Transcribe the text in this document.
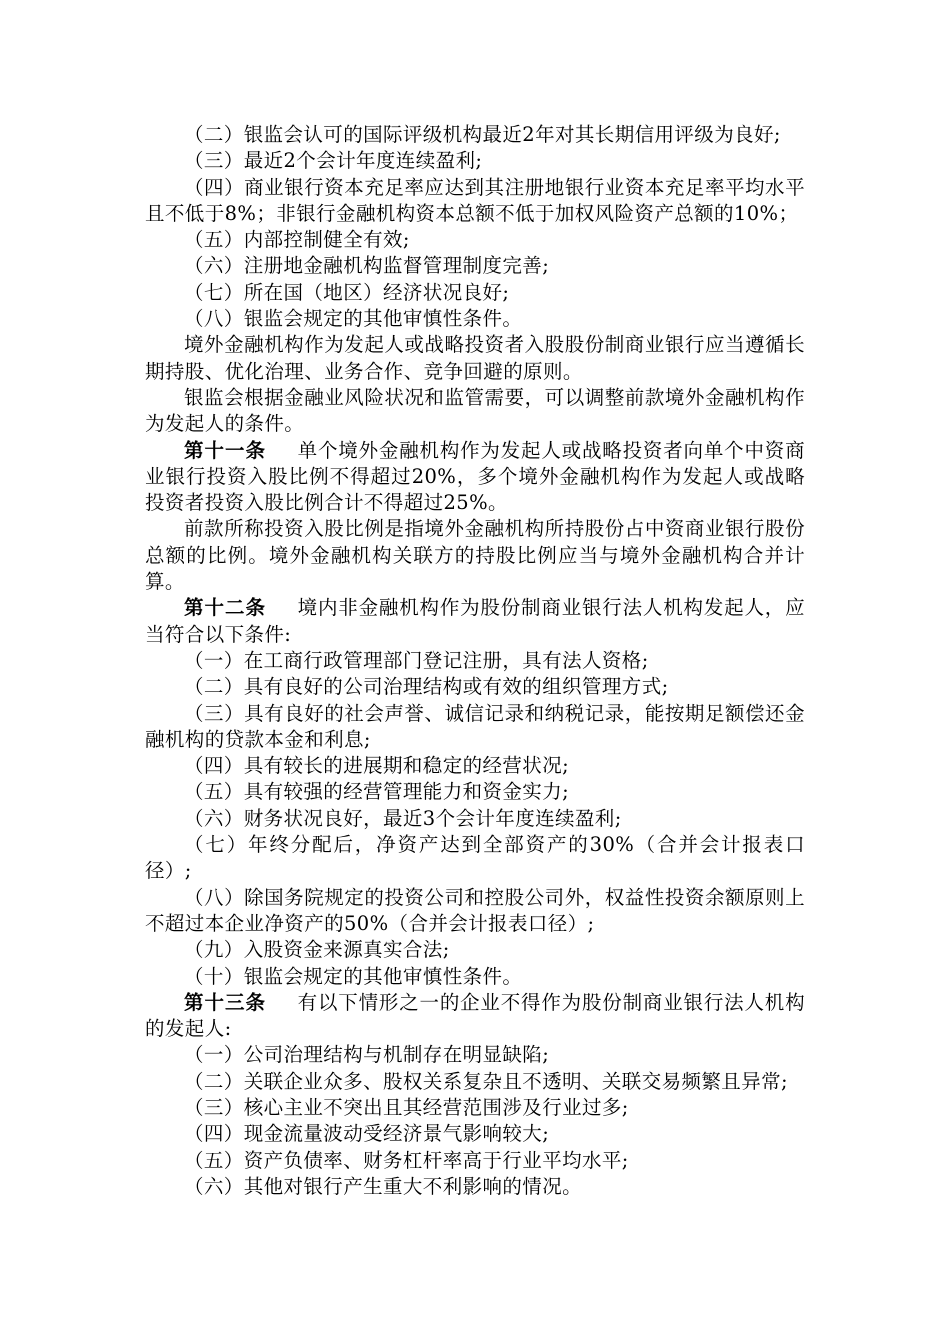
（二）银监会认可的国际评级机构最近2年对其长期信用评级为良好;

（三）最近2个会计年度连续盈利;

（四）商业银行资本充足率应达到其注册地银行业资本充足率平均水平且不低于8%；非银行金融机构资本总额不低于加权风险资产总额的10%；

（五）内部控制健全有效;

（六）注册地金融机构监督管理制度完善;

（七）所在国（地区）经济状况良好;

（八）银监会规定的其他审慎性条件。

境外金融机构作为发起人或战略投资者入股股份制商业银行应当遵循长期持股、优化治理、业务合作、竞争回避的原则。

银监会根据金融业风险状况和监管需要，可以调整前款境外金融机构作为发起人的条件。

第十一条 单个境外金融机构作为发起人或战略投资者向单个中资商业银行投资入股比例不得超过20%，多个境外金融机构作为发起人或战略投资者投资入股比例合计不得超过25%。

前款所称投资入股比例是指境外金融机构所持股份占中资商业银行股份总额的比例。境外金融机构关联方的持股比例应当与境外金融机构合并计算。

第十二条 境内非金融机构作为股份制商业银行法人机构发起人，应当符合以下条件:

（一）在工商行政管理部门登记注册，具有法人资格;

（二）具有良好的公司治理结构或有效的组织管理方式;

（三）具有良好的社会声誉、诚信记录和纳税记录，能按期足额偿还金融机构的贷款本金和利息;

（四）具有较长的进展期和稳定的经营状况;

（五）具有较强的经营管理能力和资金实力;

（六）财务状况良好，最近3个会计年度连续盈利;

（七）年终分配后，净资产达到全部资产的30%（合并会计报表口径）;

（八）除国务院规定的投资公司和控股公司外，权益性投资余额原则上不超过本企业净资产的50%（合并会计报表口径）;

（九）入股资金来源真实合法;

（十）银监会规定的其他审慎性条件。

第十三条 有以下情形之一的企业不得作为股份制商业银行法人机构的发起人:

（一）公司治理结构与机制存在明显缺陷;

（二）关联企业众多、股权关系复杂且不透明、关联交易频繁且异常;

（三）核心主业不突出且其经营范围涉及行业过多;

（四）现金流量波动受经济景气影响较大;

（五）资产负债率、财务杠杆率高于行业平均水平;

（六）其他对银行产生重大不利影响的情况。
